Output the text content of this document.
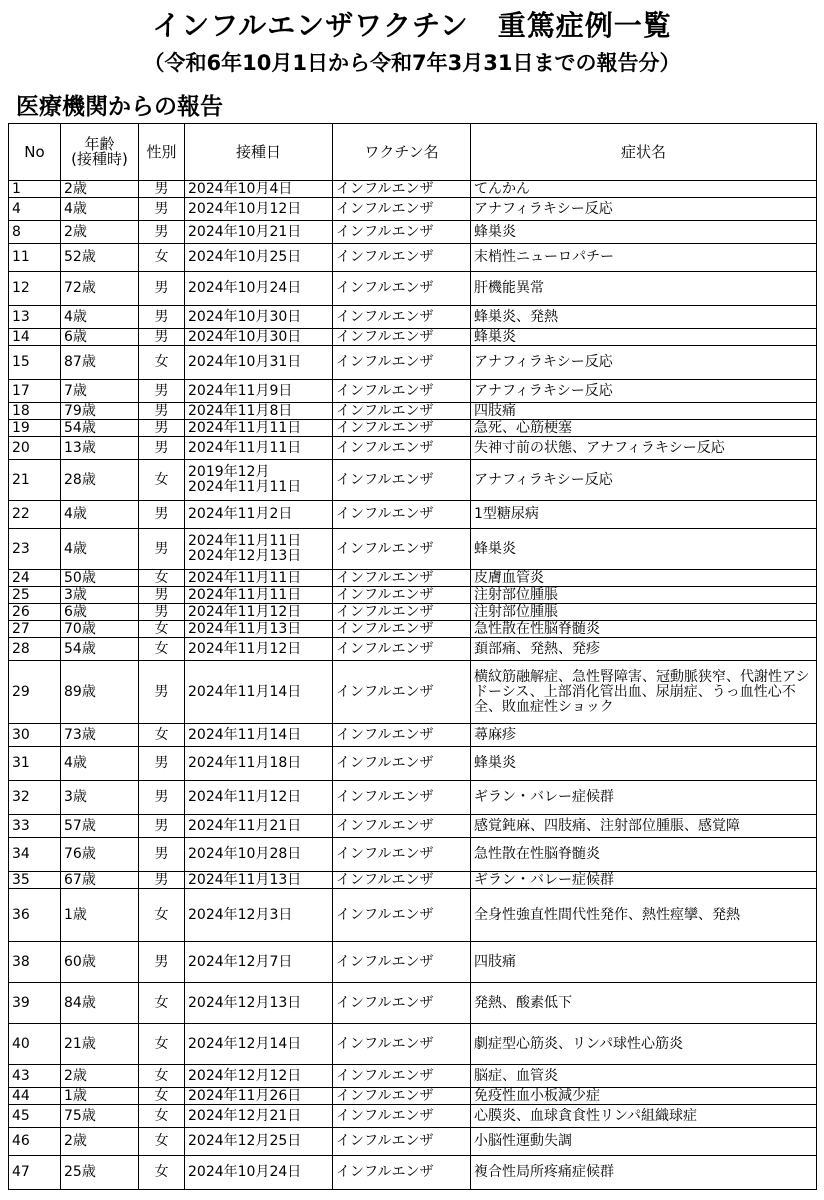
インフルエンザワクチン　重篤症例一覧
（令和6年10月1日から令和7年3月31日までの報告分）
医療機関からの報告
No	年齢
(接種時)	性別	接種日	ワクチン名	症状名
1	2歳	男	2024年10月4日	インフルエンザ	てんかん
4	4歳	男	2024年10月12日	インフルエンザ	アナフィラキシー反応
8	2歳	男	2024年10月21日	インフルエンザ	蜂巣炎
11	52歳	女	2024年10月25日	インフルエンザ	末梢性ニューロパチー
12	72歳	男	2024年10月24日	インフルエンザ	肝機能異常
13	4歳	男	2024年10月30日	インフルエンザ	蜂巣炎、発熱
14	6歳	男	2024年10月30日	インフルエンザ	蜂巣炎
15	87歳	女	2024年10月31日	インフルエンザ	アナフィラキシー反応
17	7歳	男	2024年11月9日	インフルエンザ	アナフィラキシー反応
18	79歳	男	2024年11月8日	インフルエンザ	四肢痛
19	54歳	男	2024年11月11日	インフルエンザ	急死、心筋梗塞
20	13歳	男	2024年11月11日	インフルエンザ	失神寸前の状態、アナフィラキシー反応
21	28歳	女	2019年12月
2024年11月11日	インフルエンザ	アナフィラキシー反応
22	4歳	男	2024年11月2日	インフルエンザ	1型糖尿病
23	4歳	男	2024年11月11日
2024年12月13日	インフルエンザ	蜂巣炎
24	50歳	女	2024年11月11日	インフルエンザ	皮膚血管炎
25	3歳	男	2024年11月11日	インフルエンザ	注射部位腫脹
26	6歳	男	2024年11月12日	インフルエンザ	注射部位腫脹
27	70歳	女	2024年11月13日	インフルエンザ	急性散在性脳脊髄炎
28	54歳	女	2024年11月12日	インフルエンザ	頚部痛、発熱、発疹
29	89歳	男	2024年11月14日	インフルエンザ	横紋筋融解症、急性腎障害、冠動脈狭窄、代謝性アシドーシス、上部消化管出血、尿崩症、うっ血性心不全、敗血症性ショック
30	73歳	女	2024年11月14日	インフルエンザ	蕁麻疹
31	4歳	男	2024年11月18日	インフルエンザ	蜂巣炎
32	3歳	男	2024年11月12日	インフルエンザ	ギラン・バレー症候群
33	57歳	男	2024年11月21日	インフルエンザ	感覚鈍麻、四肢痛、注射部位腫脹、感覚障
34	76歳	男	2024年10月28日	インフルエンザ	急性散在性脳脊髄炎
35	67歳	男	2024年11月13日	インフルエンザ	ギラン・バレー症候群
36	1歳	女	2024年12月3日	インフルエンザ	全身性強直性間代性発作、熱性痙攣、発熱
38	60歳	男	2024年12月7日	インフルエンザ	四肢痛
39	84歳	女	2024年12月13日	インフルエンザ	発熱、酸素低下
40	21歳	女	2024年12月14日	インフルエンザ	劇症型心筋炎、リンパ球性心筋炎
43	2歳	女	2024年12月12日	インフルエンザ	脳症、血管炎
44	1歳	女	2024年11月26日	インフルエンザ	免疫性血小板減少症
45	75歳	女	2024年12月21日	インフルエンザ	心膜炎、血球貪食性リンパ組織球症
46	2歳	女	2024年12月25日	インフルエンザ	小脳性運動失調
47	25歳	女	2024年10月24日	インフルエンザ	複合性局所疼痛症候群
